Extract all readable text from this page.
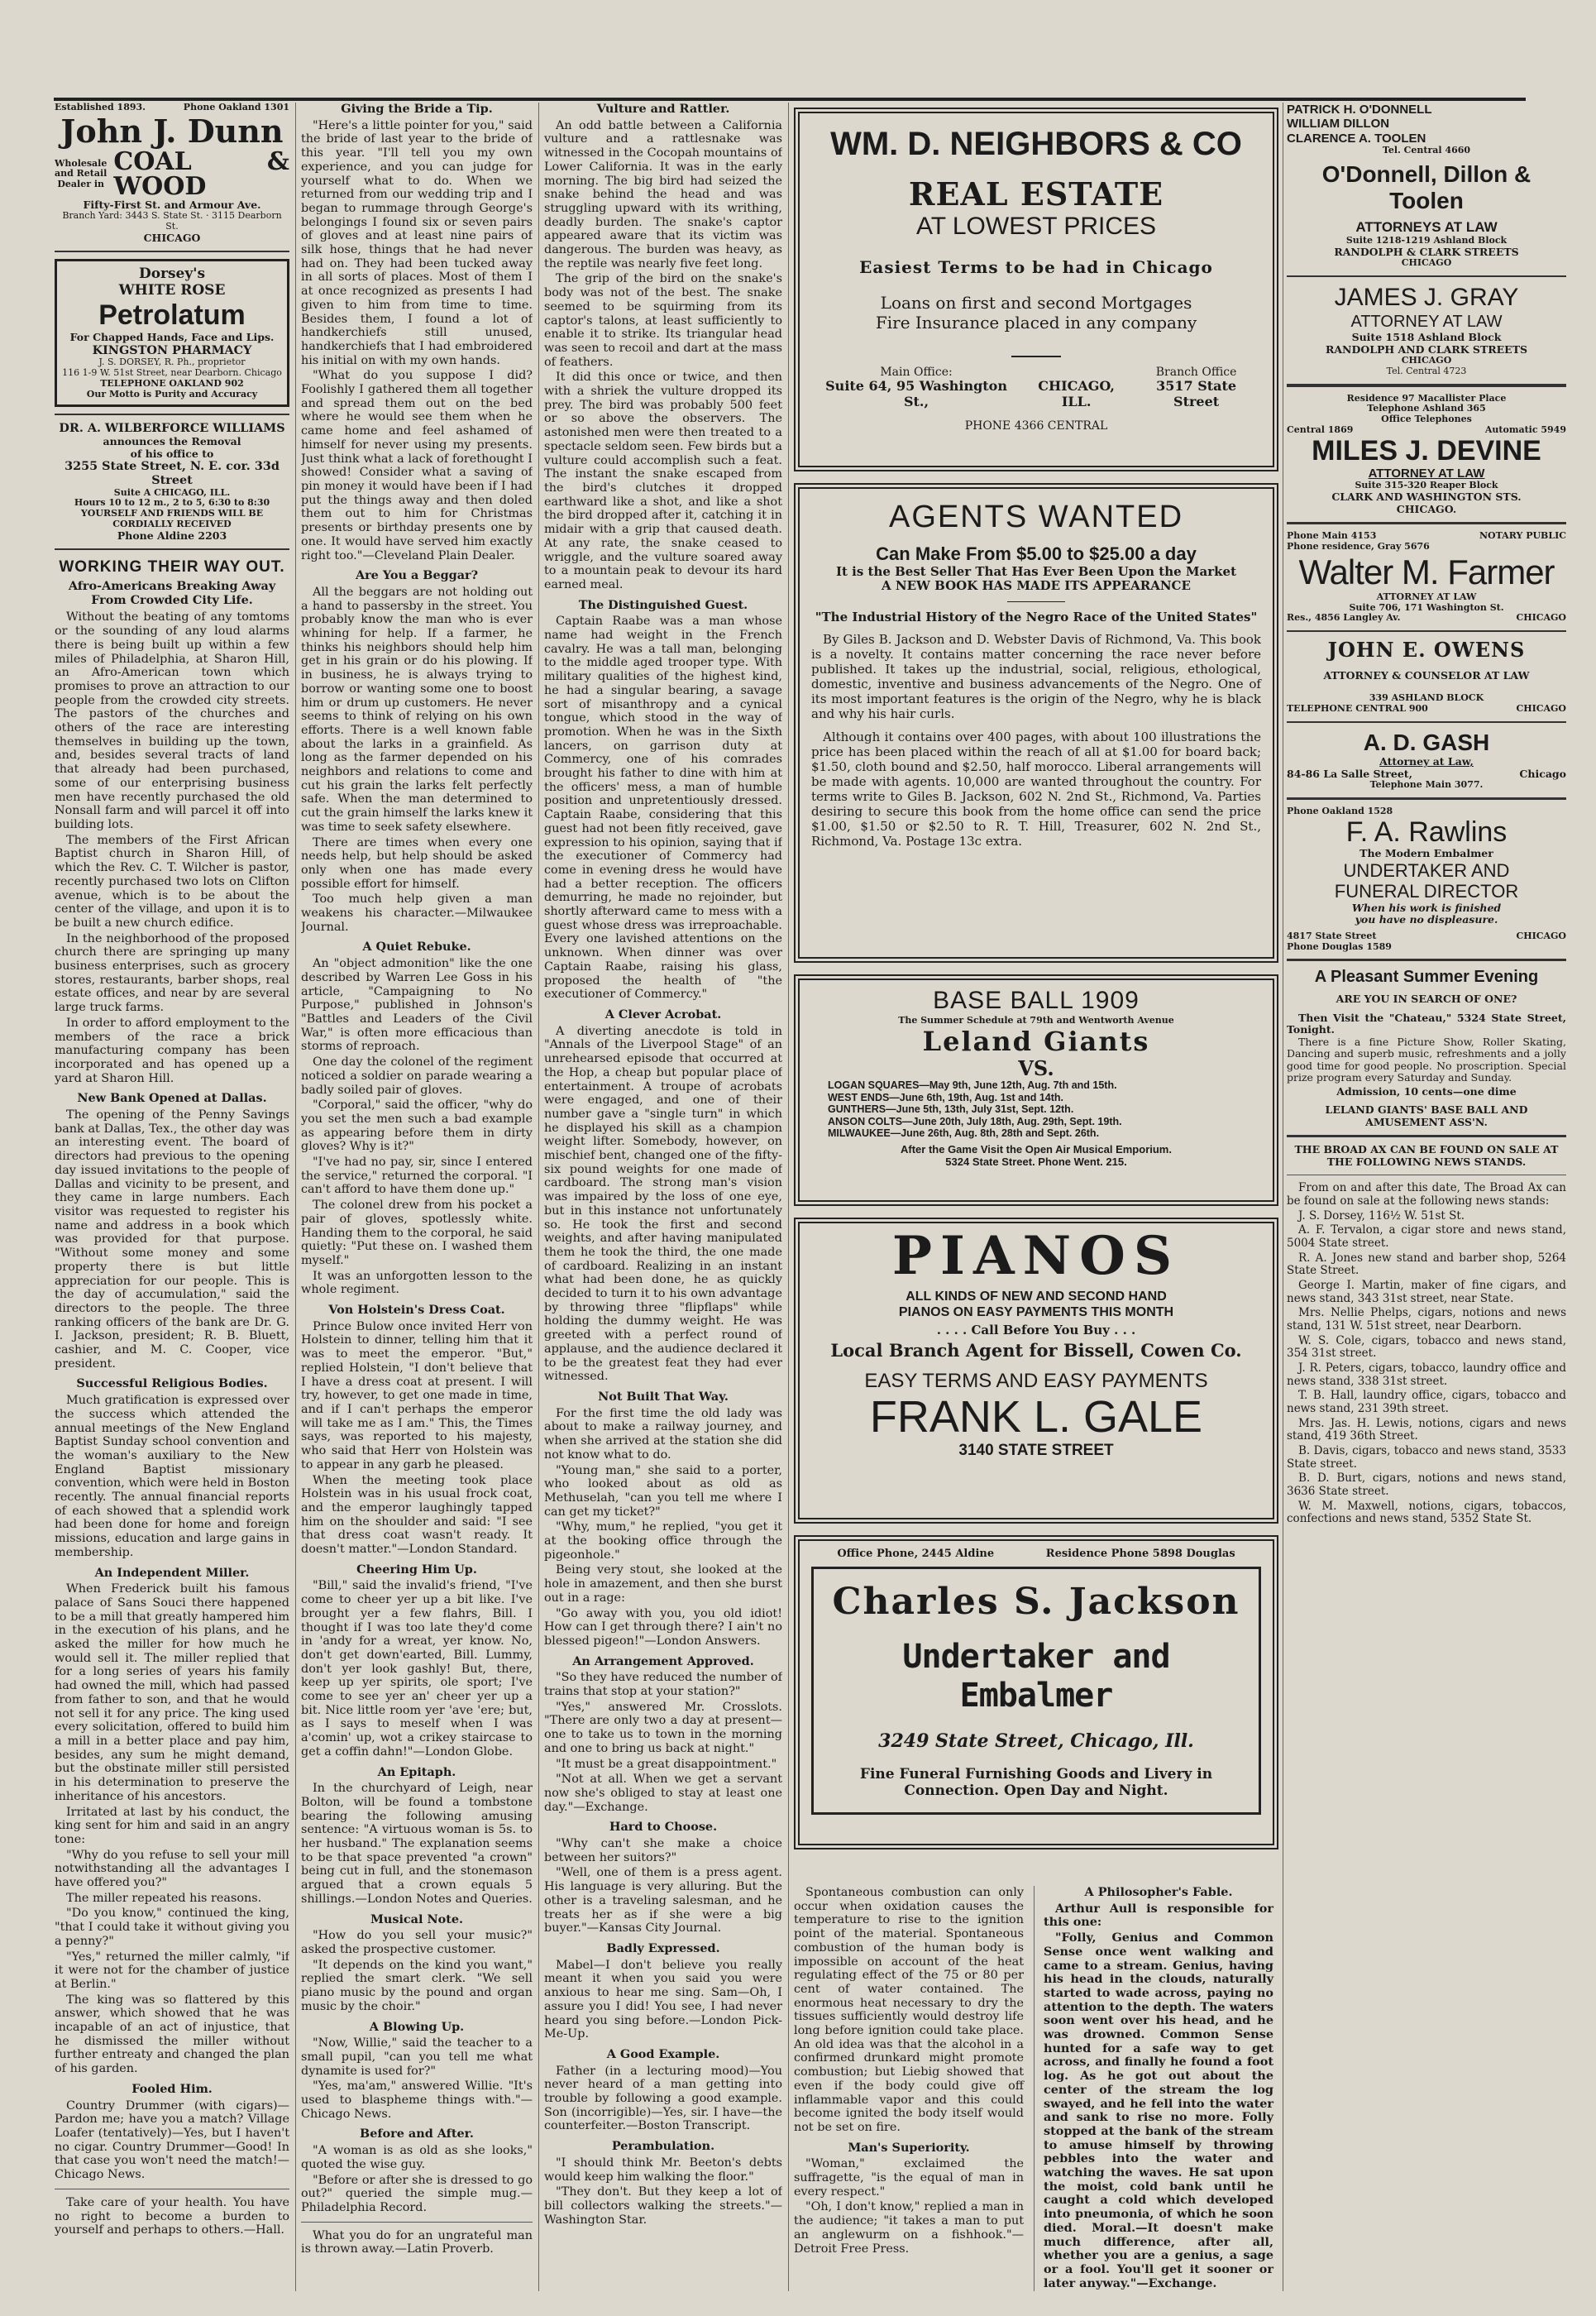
Established 1893.	Phone Oakland 1301
John J. Dunn
Wholesale and Retail Dealer in
COAL & WOOD
Fifty-First St. and Armour Ave.
Branch Yard: 3443 S. State St. · 3115 Dearborn St.
CHICAGO
Dorsey's
WHITE ROSE
Petrolatum
For Chapped Hands, Face and Lips.
KINGSTON PHARMACY
J. S. DORSEY, R. Ph., proprietor
116 1-9 W. 51st Street, near Dearborn. Chicago
TELEPHONE OAKLAND 902
Our Motto is Purity and Accuracy
DR. A. WILBERFORCE WILLIAMS
announces the Removal
of his office to
3255 State Street, N. E. cor. 33d Street
Suite A CHICAGO, ILL.
Hours 10 to 12 m., 2 to 5, 6:30 to 8:30
YOURSELF AND FRIENDS WILL BE CORDIALLY RECEIVED
Phone Aldine 2203
WORKING THEIR WAY OUT.
Afro-Americans Breaking Away From Crowded City Life.

Without the beating of any tomtoms or the sounding of any loud alarms there is being built up within a few miles of Philadelphia, at Sharon Hill, an Afro-American town which promises to prove an attraction to our people from the crowded city streets. The pastors of the churches and others of the race are interesting themselves in building up the town, and, besides several tracts of land that already had been purchased, some of our enterprising business men have recently purchased the old Nonsall farm and will parcel it off into building lots.

The members of the First African Baptist church in Sharon Hill, of which the Rev. C. T. Wilcher is pastor, recently purchased two lots on Clifton avenue, which is to be about the center of the village, and upon it is to be built a new church edifice.

In the neighborhood of the proposed church there are springing up many business enterprises, such as grocery stores, restaurants, barber shops, real estate offices, and near by are several large truck farms.

In order to afford employment to the members of the race a brick manufacturing company has been incorporated and has opened up a yard at Sharon Hill.

New Bank Opened at Dallas.

The opening of the Penny Savings bank at Dallas, Tex., the other day was an interesting event. The board of directors had previous to the opening day issued invitations to the people of Dallas and vicinity to be present, and they came in large numbers. Each visitor was requested to register his name and address in a book which was provided for that purpose. "Without some money and some property there is but little appreciation for our people. This is the day of accumulation," said the directors to the people. The three ranking officers of the bank are Dr. G. I. Jackson, president; R. B. Bluett, cashier, and M. C. Cooper, vice president.

Successful Religious Bodies.

Much gratification is expressed over the success which attended the annual meetings of the New England Baptist Sunday school convention and the woman's auxiliary to the New England Baptist missionary convention, which were held in Boston recently. The annual financial reports of each showed that a splendid work had been done for home and foreign missions, education and large gains in membership.

An Independent Miller.

When Frederick built his famous palace of Sans Souci there happened to be a mill that greatly hampered him in the execution of his plans, and he asked the miller for how much he would sell it. The miller replied that for a long series of years his family had owned the mill, which had passed from father to son, and that he would not sell it for any price. The king used every solicitation, offered to build him a mill in a better place and pay him, besides, any sum he might demand, but the obstinate miller still persisted in his determination to preserve the inheritance of his ancestors.

Irritated at last by his conduct, the king sent for him and said in an angry tone:

"Why do you refuse to sell your mill notwithstanding all the advantages I have offered you?"

The miller repeated his reasons.

"Do you know," continued the king, "that I could take it without giving you a penny?"

"Yes," returned the miller calmly, "if it were not for the chamber of justice at Berlin."

The king was so flattered by this answer, which showed that he was incapable of an act of injustice, that he dismissed the miller without further entreaty and changed the plan of his garden.

Fooled Him.

Country Drummer (with cigars)—Pardon me; have you a match? Village Loafer (tentatively)—Yes, but I haven't no cigar. Country Drummer—Good! In that case you won't need the match!—Chicago News.

Take care of your health. You have no right to become a burden to yourself and perhaps to others.—Hall.

Giving the Bride a Tip.

"Here's a little pointer for you," said the bride of last year to the bride of this year. "I'll tell you my own experience, and you can judge for yourself what to do. When we returned from our wedding trip and I began to rummage through George's belongings I found six or seven pairs of gloves and at least nine pairs of silk hose, things that he had never had on. They had been tucked away in all sorts of places. Most of them I at once recognized as presents I had given to him from time to time. Besides them, I found a lot of handkerchiefs still unused, handkerchiefs that I had embroidered his initial on with my own hands.

"What do you suppose I did? Foolishly I gathered them all together and spread them out on the bed where he would see them when he came home and feel ashamed of himself for never using my presents. Just think what a lack of forethought I showed! Consider what a saving of pin money it would have been if I had put the things away and then doled them out to him for Christmas presents or birthday presents one by one. It would have served him exactly right too."—Cleveland Plain Dealer.

Are You a Beggar?

All the beggars are not holding out a hand to passersby in the street. You probably know the man who is ever whining for help. If a farmer, he thinks his neighbors should help him get in his grain or do his plowing. If in business, he is always trying to borrow or wanting some one to boost him or drum up customers. He never seems to think of relying on his own efforts. There is a well known fable about the larks in a grainfield. As long as the farmer depended on his neighbors and relations to come and cut his grain the larks felt perfectly safe. When the man determined to cut the grain himself the larks knew it was time to seek safety elsewhere.

There are times when every one needs help, but help should be asked only when one has made every possible effort for himself.

Too much help given a man weakens his character.—Milwaukee Journal.

A Quiet Rebuke.

An "object admonition" like the one described by Warren Lee Goss in his article, "Campaigning to No Purpose," published in Johnson's "Battles and Leaders of the Civil War," is often more efficacious than storms of reproach.

One day the colonel of the regiment noticed a soldier on parade wearing a badly soiled pair of gloves.

"Corporal," said the officer, "why do you set the men such a bad example as appearing before them in dirty gloves? Why is it?"

"I've had no pay, sir, since I entered the service," returned the corporal. "I can't afford to have them done up."

The colonel drew from his pocket a pair of gloves, spotlessly white. Handing them to the corporal, he said quietly: "Put these on. I washed them myself."

It was an unforgotten lesson to the whole regiment.

Von Holstein's Dress Coat.

Prince Bulow once invited Herr von Holstein to dinner, telling him that it was to meet the emperor. "But," replied Holstein, "I don't believe that I have a dress coat at present. I will try, however, to get one made in time, and if I can't perhaps the emperor will take me as I am." This, the Times says, was reported to his majesty, who said that Herr von Holstein was to appear in any garb he pleased.

When the meeting took place Holstein was in his usual frock coat, and the emperor laughingly tapped him on the shoulder and said: "I see that dress coat wasn't ready. It doesn't matter."—London Standard.

Cheering Him Up.

"Bill," said the invalid's friend, "I've come to cheer yer up a bit like. I've brought yer a few flahrs, Bill. I thought if I was too late they'd come in 'andy for a wreat, yer know. No, don't get down'earted, Bill. Lummy, don't yer look gashly! But, there, keep up yer spirits, ole sport; I've come to see yer an' cheer yer up a bit. Nice little room yer 'ave 'ere; but, as I says to meself when I was a'comin' up, wot a crikey staircase to get a coffin dahn!"—London Globe.

An Epitaph.

In the churchyard of Leigh, near Bolton, will be found a tombstone bearing the following amusing sentence: "A virtuous woman is 5s. to her husband." The explanation seems to be that space prevented "a crown" being cut in full, and the stonemason argued that a crown equals 5 shillings.—London Notes and Queries.

Musical Note.

"How do you sell your music?" asked the prospective customer.

"It depends on the kind you want," replied the smart clerk. "We sell piano music by the pound and organ music by the choir."

A Blowing Up.

"Now, Willie," said the teacher to a small pupil, "can you tell me what dynamite is used for?"

"Yes, ma'am," answered Willie. "It's used to blaspheme things with."—Chicago News.

Before and After.

"A woman is as old as she looks," quoted the wise guy.

"Before or after she is dressed to go out?" queried the simple mug.—Philadelphia Record.

What you do for an ungrateful man is thrown away.—Latin Proverb.

Vulture and Rattler.

An odd battle between a California vulture and a rattlesnake was witnessed in the Cocopah mountains of Lower California. It was in the early morning. The big bird had seized the snake behind the head and was struggling upward with its writhing, deadly burden. The snake's captor appeared aware that its victim was dangerous. The burden was heavy, as the reptile was nearly five feet long.

The grip of the bird on the snake's body was not of the best. The snake seemed to be squirming from its captor's talons, at least sufficiently to enable it to strike. Its triangular head was seen to recoil and dart at the mass of feathers.

It did this once or twice, and then with a shriek the vulture dropped its prey. The bird was probably 500 feet or so above the observers. The astonished men were then treated to a spectacle seldom seen. Few birds but a vulture could accomplish such a feat. The instant the snake escaped from the bird's clutches it dropped earthward like a shot, and like a shot the bird dropped after it, catching it in midair with a grip that caused death. At any rate, the snake ceased to wriggle, and the vulture soared away to a mountain peak to devour its hard earned meal.

The Distinguished Guest.

Captain Raabe was a man whose name had weight in the French cavalry. He was a tall man, belonging to the middle aged trooper type. With military qualities of the highest kind, he had a singular bearing, a savage sort of misanthropy and a cynical tongue, which stood in the way of promotion. When he was in the Sixth lancers, on garrison duty at Commercy, one of his comrades brought his father to dine with him at the officers' mess, a man of humble position and unpretentiously dressed. Captain Raabe, considering that this guest had not been fitly received, gave expression to his opinion, saying that if the executioner of Commercy had come in evening dress he would have had a better reception. The officers demurring, he made no rejoinder, but shortly afterward came to mess with a guest whose dress was irreproachable. Every one lavished attentions on the unknown. When dinner was over Captain Raabe, raising his glass, proposed the health of "the executioner of Commercy."

A Clever Acrobat.

A diverting anecdote is told in "Annals of the Liverpool Stage" of an unrehearsed episode that occurred at the Hop, a cheap but popular place of entertainment. A troupe of acrobats were engaged, and one of their number gave a "single turn" in which he displayed his skill as a champion weight lifter. Somebody, however, on mischief bent, changed one of the fifty-six pound weights for one made of cardboard. The strong man's vision was impaired by the loss of one eye, but in this instance not unfortunately so. He took the first and second weights, and after having manipulated them he took the third, the one made of cardboard. Realizing in an instant what had been done, he as quickly decided to turn it to his own advantage by throwing three "flipflaps" while holding the dummy weight. He was greeted with a perfect round of applause, and the audience declared it to be the greatest feat they had ever witnessed.

Not Built That Way.

For the first time the old lady was about to make a railway journey, and when she arrived at the station she did not know what to do.

"Young man," she said to a porter, who looked about as old as Methuselah, "can you tell me where I can get my ticket?"

"Why, mum," he replied, "you get it at the booking office through the pigeonhole."

Being very stout, she looked at the hole in amazement, and then she burst out in a rage:

"Go away with you, you old idiot! How can I get through there? I ain't no blessed pigeon!"—London Answers.

An Arrangement Approved.

"So they have reduced the number of trains that stop at your station?"

"Yes," answered Mr. Crosslots. "There are only two a day at present—one to take us to town in the morning and one to bring us back at night."

"It must be a great disappointment."

"Not at all. When we get a servant now she's obliged to stay at least one day."—Exchange.

Hard to Choose.

"Why can't she make a choice between her suitors?"

"Well, one of them is a press agent. His language is very alluring. But the other is a traveling salesman, and he treats her as if she were a big buyer."—Kansas City Journal.

Badly Expressed.

Mabel—I don't believe you really meant it when you said you were anxious to hear me sing. Sam—Oh, I assure you I did! You see, I had never heard you sing before.—London Pick-Me-Up.

A Good Example.

Father (in a lecturing mood)—You never heard of a man getting into trouble by following a good example. Son (incorrigible)—Yes, sir. I have—the counterfeiter.—Boston Transcript.

Perambulation.

"I should think Mr. Beeton's debts would keep him walking the floor."

"They don't. But they keep a lot of bill collectors walking the streets."—Washington Star.

WM. D. NEIGHBORS & CO
REAL ESTATE
AT LOWEST PRICES
Easiest Terms to be had in Chicago
Loans on first and second Mortgages
Fire Insurance placed in any company
Main Office:
Suite 64, 95 Washington St.,
CHICAGO, ILL.
Branch Office
3517 State Street
PHONE 4366 CENTRAL
AGENTS WANTED
Can Make From $5.00 to $25.00 a day
It is the Best Seller That Has Ever Been Upon the Market
A NEW BOOK HAS MADE ITS APPEARANCE
"The Industrial History of the Negro Race of the United States"

By Giles B. Jackson and D. Webster Davis of Richmond, Va. This book is a novelty. It contains matter concerning the race never before published. It takes up the industrial, social, religious, ethological, domestic, inventive and business advancements of the Negro. One of its most important features is the origin of the Negro, why he is black and why his hair curls.

Although it contains over 400 pages, with about 100 illustrations the price has been placed within the reach of all at $1.00 for board back; $1.50, cloth bound and $2.50, half morocco. Liberal arrangements will be made with agents. 10,000 are wanted throughout the country. For terms write to Giles B. Jackson, 602 N. 2nd St., Richmond, Va. Parties desiring to secure this book from the home office can send the price $1.00, $1.50 or $2.50 to R. T. Hill, Treasurer, 602 N. 2nd St., Richmond, Va. Postage 13c extra.

BASE BALL 1909
The Summer Schedule at 79th and Wentworth Avenue
Leland Giants
VS.
LOGAN SQUARES—May 9th, June 12th, Aug. 7th and 15th.
WEST ENDS—June 6th, 19th, Aug. 1st and 14th.
GUNTHERS—June 5th, 13th, July 31st, Sept. 12th.
ANSON COLTS—June 20th, July 18th, Aug. 29th, Sept. 19th.
MILWAUKEE—June 26th, Aug. 8th, 28th and Sept. 26th.
After the Game Visit the Open Air Musical Emporium.
5324 State Street. Phone Went. 215.
PIANOS
ALL KINDS OF NEW AND SECOND HAND
PIANOS ON EASY PAYMENTS THIS MONTH
. . . . Call Before You Buy . . .
Local Branch Agent for Bissell, Cowen Co.
EASY TERMS AND EASY PAYMENTS
FRANK L. GALE
3140 STATE STREET
Office Phone, 2445 Aldine	Residence Phone 5898 Douglas
Charles S. Jackson
Undertaker and Embalmer
3249 State Street, Chicago, Ill.
Fine Funeral Furnishing Goods and Livery in Connection. Open Day and Night.

Spontaneous combustion can only occur when oxidation causes the temperature to rise to the ignition point of the material. Spontaneous combustion of the human body is impossible on account of the heat regulating effect of the 75 or 80 per cent of water contained. The enormous heat necessary to dry the tissues sufficiently would destroy life long before ignition could take place. An old idea was that the alcohol in a confirmed drunkard might promote combustion; but Liebig showed that even if the body could give off inflammable vapor and this could become ignited the body itself would not be set on fire.

Man's Superiority.

"Woman," exclaimed the suffragette, "is the equal of man in every respect."

"Oh, I don't know," replied a man in the audience; "it takes a man to put an anglewurm on a fishhook."—Detroit Free Press.

A Philosopher's Fable.

Arthur Aull is responsible for this one:

"Folly, Genius and Common Sense once went walking and came to a stream. Genius, having his head in the clouds, naturally started to wade across, paying no attention to the depth. The waters soon went over his head, and he was drowned. Common Sense hunted for a safe way to get across, and finally he found a foot log. As he got out about the center of the stream the log swayed, and he fell into the water and sank to rise no more. Folly stopped at the bank of the stream to amuse himself by throwing pebbles into the water and watching the waves. He sat upon the moist, cold bank until he caught a cold which developed into pneumonia, of which he soon died. Moral.—It doesn't make much difference, after all, whether you are a genius, a sage or a fool. You'll get it sooner or later anyway."—Exchange.

PATRICK H. O'DONNELL
WILLIAM DILLON
CLARENCE A. TOOLEN
Tel. Central 4660
O'Donnell, Dillon & Toolen
ATTORNEYS AT LAW
Suite 1218-1219 Ashland Block
RANDOLPH & CLARK STREETS
CHICAGO
JAMES J. GRAY
ATTORNEY AT LAW
Suite 1518 Ashland Block
RANDOLPH AND CLARK STREETS
CHICAGO
Tel. Central 4723
Residence 97 Macallister Place
Telephone Ashland 365
Office Telephones
Central 1869	Automatic 5949
MILES J. DEVINE
ATTORNEY AT LAW
Suite 315-320 Reaper Block
CLARK AND WASHINGTON STS.
CHICAGO.
Phone Main 4153	NOTARY PUBLIC
Phone residence, Gray 5676
Walter M. Farmer
ATTORNEY AT LAW
Suite 706, 171 Washington St.
Res., 4856 Langley Av.	CHICAGO
JOHN E. OWENS
ATTORNEY & COUNSELOR AT LAW
339 ASHLAND BLOCK
TELEPHONE CENTRAL 900	CHICAGO
A. D. GASH
Attorney at Law,
84-86 La Salle Street,	Chicago
Telephone Main 3077.
Phone Oakland 1528
F. A. Rawlins
The Modern Embalmer
UNDERTAKER AND
FUNERAL DIRECTOR
When his work is finished
you have no displeasure.
4817 State Street	CHICAGO
Phone Douglas 1589
A Pleasant Summer Evening
ARE YOU IN SEARCH OF ONE?
Then Visit the "Chateau," 5324 State Street, Tonight.

There is a fine Picture Show, Roller Skating, Dancing and superb music, refreshments and a jolly good time for good people. No proscription. Special prize program every Saturday and Sunday.

Admission, 10 cents—one dime
LELAND GIANTS' BASE BALL AND AMUSEMENT ASS'N.
THE BROAD AX CAN BE FOUND ON SALE AT THE FOLLOWING NEWS STANDS.

From on and after this date, The Broad Ax can be found on sale at the following news stands:

J. S. Dorsey, 116½ W. 51st St.

A. F. Tervalon, a cigar store and news stand, 5004 State street.

R. A. Jones new stand and barber shop, 5264 State Street.

George I. Martin, maker of fine cigars, and news stand, 343 31st street, near State.

Mrs. Nellie Phelps, cigars, notions and news stand, 131 W. 51st street, near Dearborn.

W. S. Cole, cigars, tobacco and news stand, 354 31st street.

J. R. Peters, cigars, tobacco, laundry office and news stand, 338 31st street.

T. B. Hall, laundry office, cigars, tobacco and news stand, 231 39th street.

Mrs. Jas. H. Lewis, notions, cigars and news stand, 419 36th Street.

B. Davis, cigars, tobacco and news stand, 3533 State street.

B. D. Burt, cigars, notions and news stand, 3636 State street.

W. M. Maxwell, notions, cigars, tobaccos, confections and news stand, 5352 State St.
